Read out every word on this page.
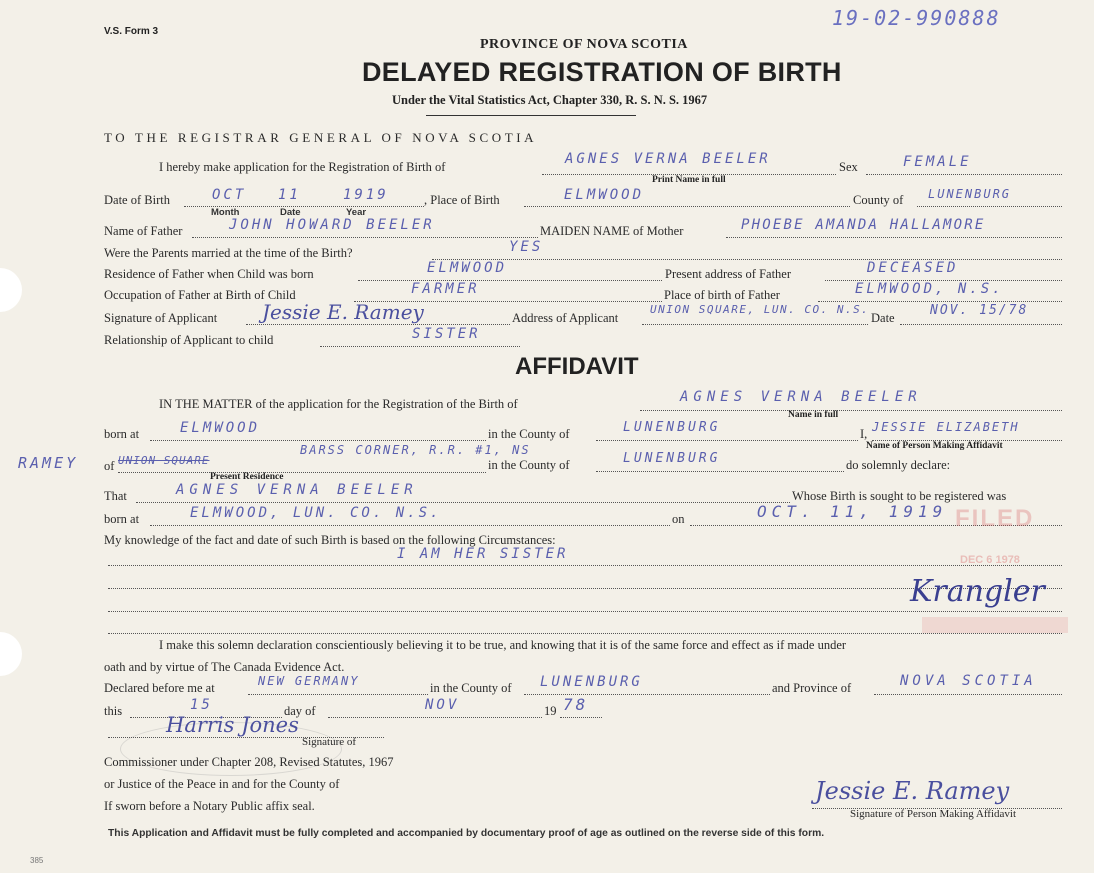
V.S. Form 3
19-02-990888
PROVINCE OF NOVA SCOTIA
DELAYED REGISTRATION OF BIRTH
Under the Vital Statistics Act, Chapter 330, R. S. N. S. 1967
TO THE REGISTRAR GENERAL OF NOVA SCOTIA
I hereby make application for the Registration of Birth of	AGNES VERNA BEELER
Print Name in full
Sex	FEMALE
Date of Birth	OCT 11	1919
Month	Date	Year
, Place of Birth	ELMWOOD	County of LUNENBURG
Name of Father	JOHN HOWARD BEELER	MAIDEN NAME of Mother	PHOEBE AMANDA HALLAMORE
Were the Parents married at the time of the Birth?	YES
Residence of Father when Child was born	ELMWOOD	Present address of Father	DECEASED
Occupation of Father at Birth of Child	FARMER	Place of birth of Father	ELMWOOD, N.S.
Signature of Applicant Jessie E. Ramey	Address of Applicant
UNION SQUARE, LUN. CO. N.S.
Date	NOV. 15/78
Relationship of Applicant to child	SISTER
AFFIDAVIT
IN THE MATTER of the application for the Registration of the Birth of	AGNES VERNA BEELER
Name in full
born at	ELMWOOD	in the County of	LUNENBURG	I, JESSIE ELIZABETH
Name of Person Making Affidavit
RAMEY of UNION SQUARE
BARSS CORNER, R.R. #1, NS
Present Residence
in the County of	LUNENBURG	do solemnly declare:
That	AGNES VERNA BEELER	Whose Birth is sought to be registered was
born at	ELMWOOD, LUN. CO. N.S.	on	OCT. 11, 1919 FILED
DEC 6 1978
My knowledge of the fact and date of such Birth is based on the following Circumstances:
I AM HER SISTER
Krangler
I make this solemn declaration conscientiously believing it to be true, and knowing that it is of the same force and effect as if made under
oath and by virtue of The Canada Evidence Act.
Declared before me at	NEW GERMANY	in the County of LUNENBURG	and Province of	NOVA SCOTIA
this	15	day of	NOV	19 78
Harris Jones
Signature of
Commissioner under Chapter 208, Revised Statutes, 1967
or Justice of the Peace in and for the County of
If sworn before a Notary Public affix seal.
Jessie E. Ramey
Signature of Person Making Affidavit
This Application and Affidavit must be fully completed and accompanied by documentary proof of age as outlined on the reverse side of this form.
385
